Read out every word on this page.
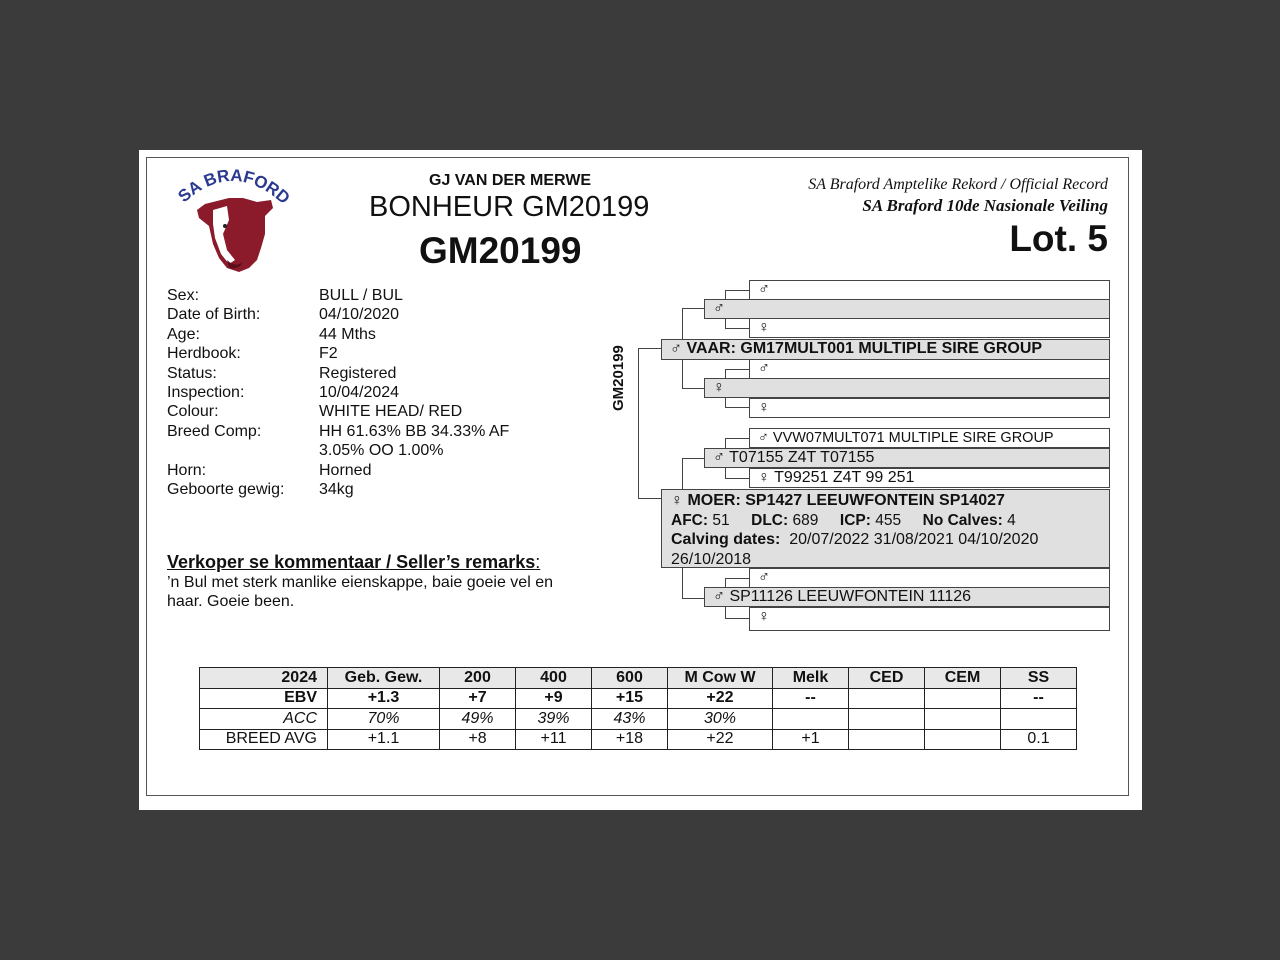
SA BRAFORD
GJ VAN DER MERWE
BONHEUR GM20199
GM20199
SA Braford Amptelike Rekord / Official Record
SA Braford 10de Nasionale Veiling
Lot. 5
Sex:	BULL / BUL
Date of Birth:	04/10/2020
Age:	44 Mths
Herdbook:	F2
Status:	Registered
Inspection:	10/04/2024
Colour:	WHITE HEAD/ RED
Breed Comp:	HH 61.63% BB 34.33% AF 3.05% OO 1.00%
Horn:	Horned
Geboorte gewig:	34kg
Verkoper se kommentaar / Seller’s remarks:
’n Bul met sterk manlike eienskappe, baie goeie vel en haar. Goeie been.
GM20199
♂
♂
♀
♂ VAAR: GM17MULT001 MULTIPLE SIRE GROUP
♂
♀
♀
♂ VVW07MULT071 MULTIPLE SIRE GROUP
♂ T07155 Z4T T07155
♀ T99251 Z4T 99 251
♀ MOER: SP1427 LEEUWFONTEIN SP14027
AFC: 51 DLC: 689 ICP: 455 No Calves: 4
Calving dates: 20/07/2022 31/08/2021 04/10/2020 26/10/2018
♂
♂ SP11126 LEEUWFONTEIN 11126
♀
2024	Geb. Gew.	200	400	600	M Cow W	Melk	CED	CEM	SS
EBV	+1.3	+7	+9	+15	+22	--			--
ACC	70%	49%	39%	43%	30%				
BREED AVG	+1.1	+8	+11	+18	+22	+1			0.1
